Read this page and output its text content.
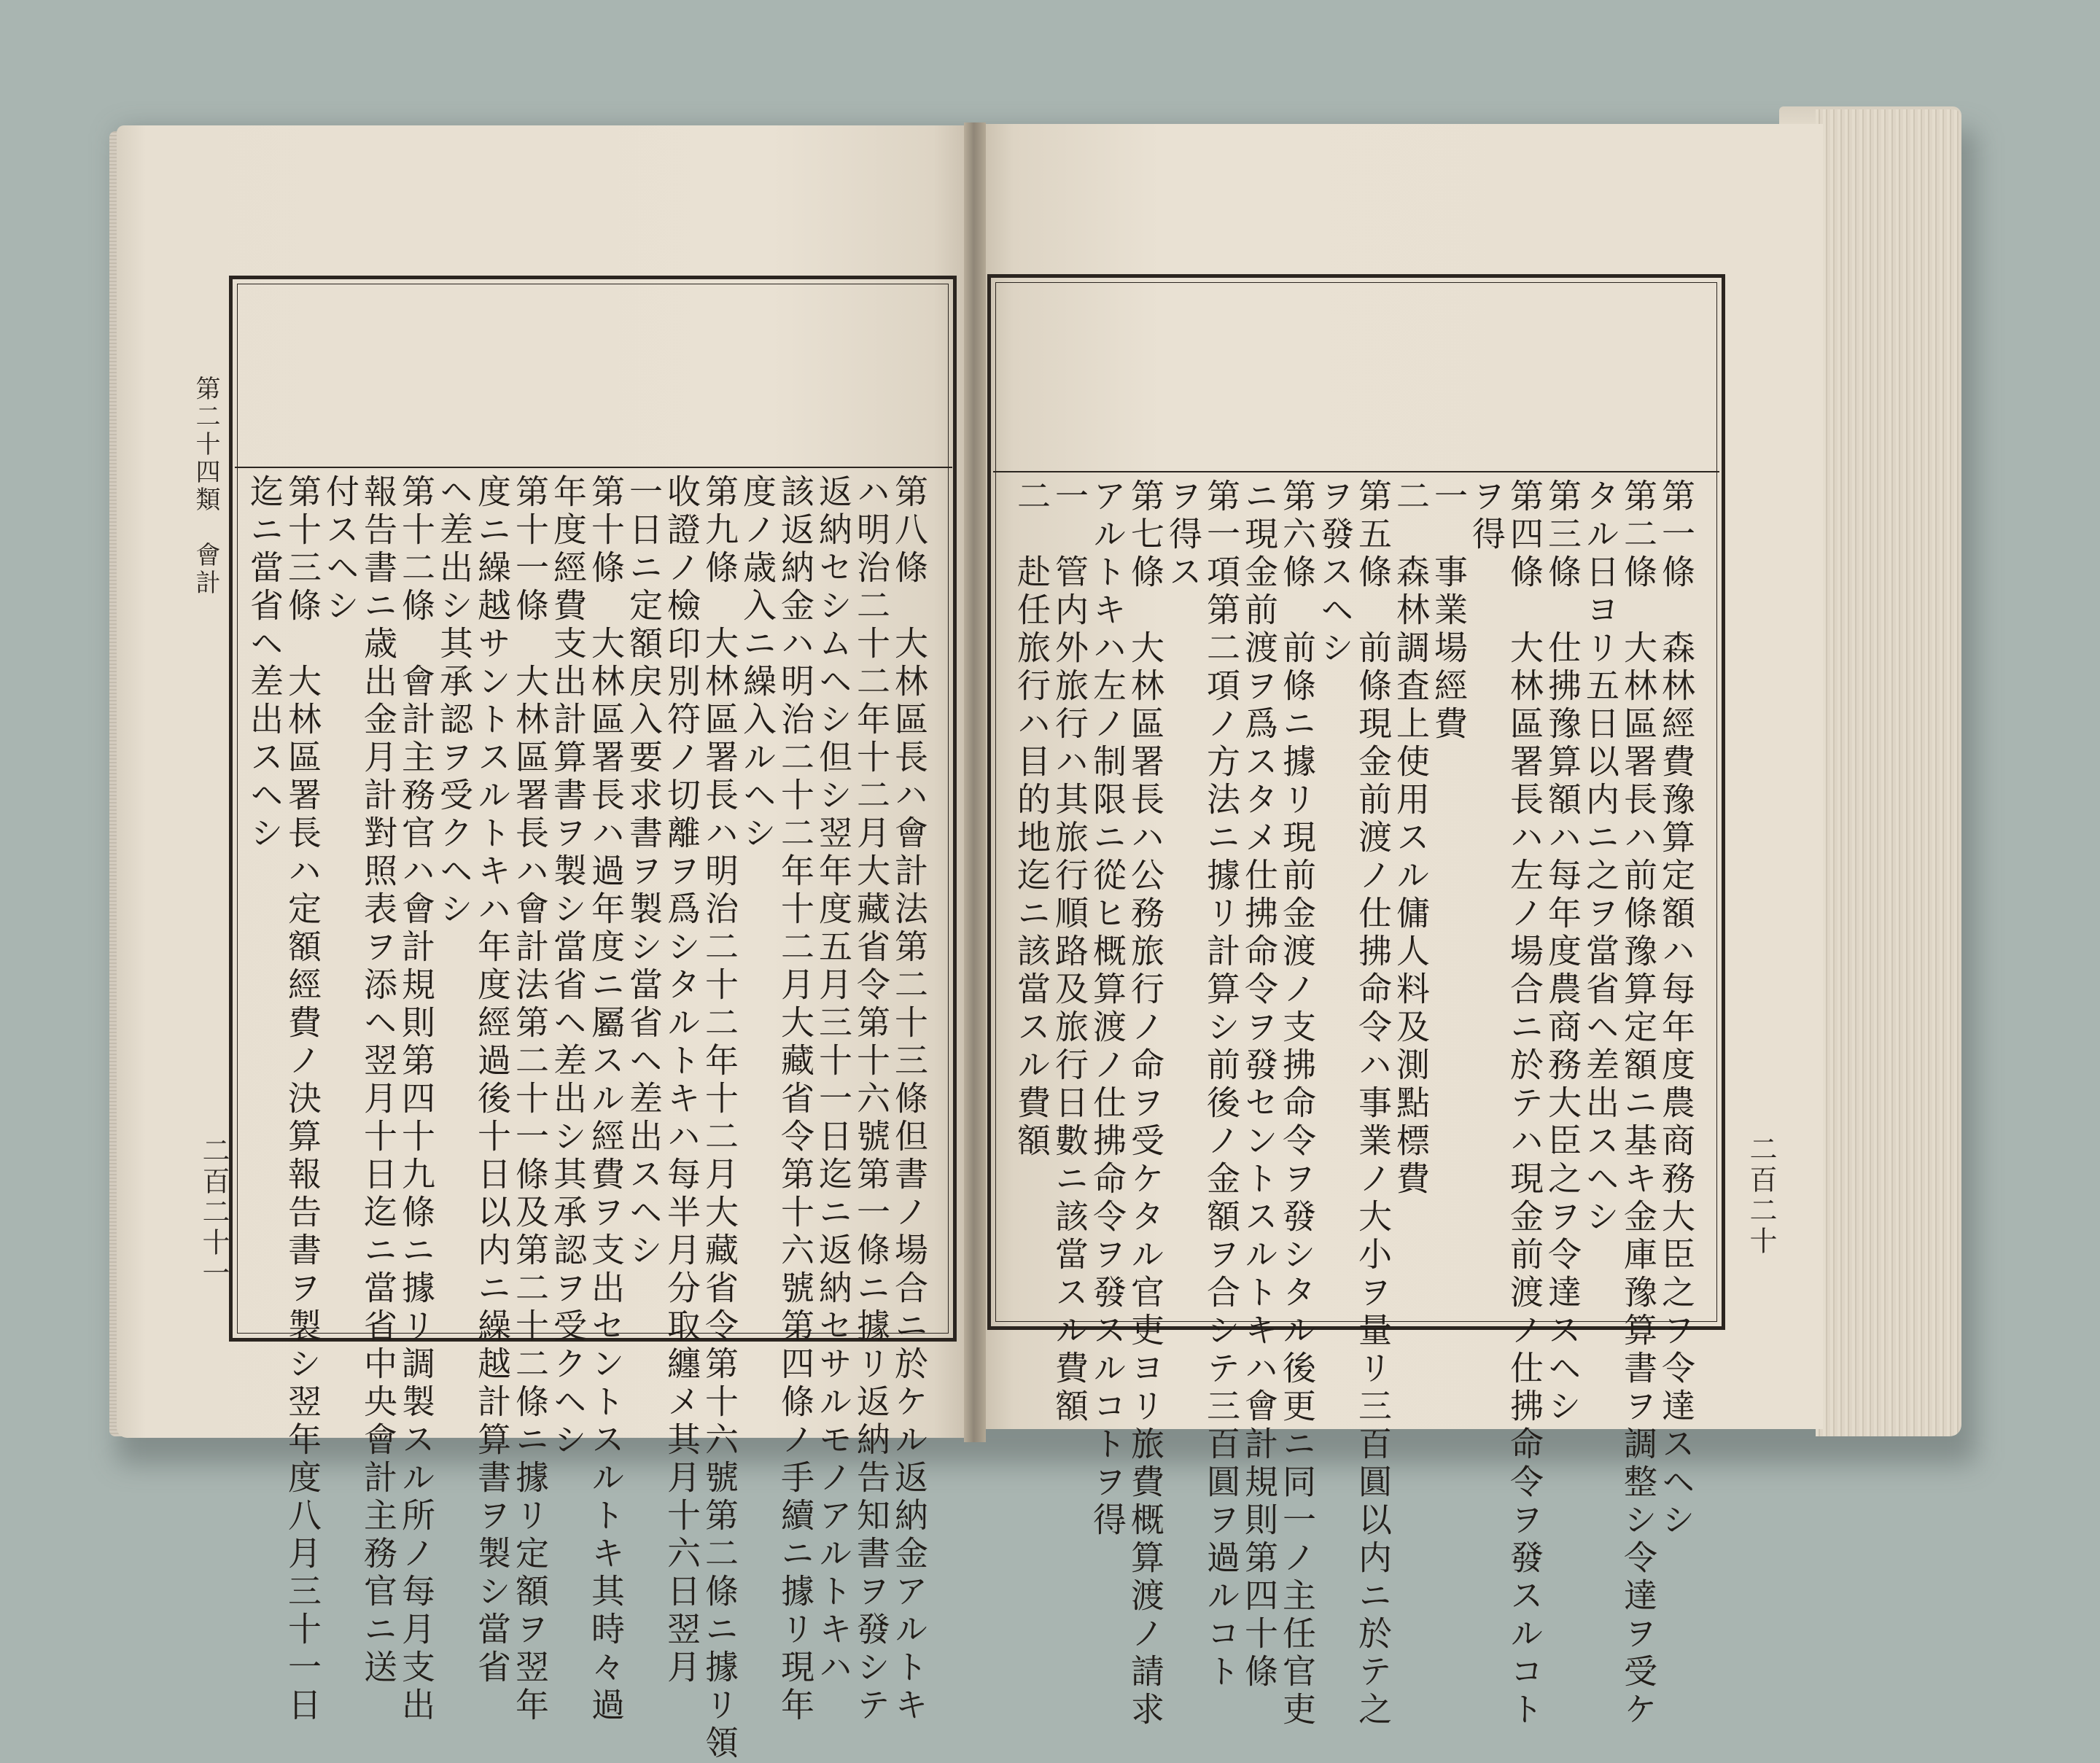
第二十四類　會計
二百二十一	第八條　大林區長ハ會計法第二十三條但書ノ場合ニ於ケル返納金アルトキ
ハ明治二十二年十二月大藏省令第十六號第一條ニ據リ返納告知書ヲ發シテ
返納セシムヘシ但シ翌年度五月三十一日迄ニ返納セサルモノアルトキハ
該返納金ハ明治二十二年十二月大藏省令第十六號第四條ノ手續ニ據リ現年
度ノ歳入ニ繰入ルヘシ
第九條　大林區署長ハ明治二十二年十二月大藏省令第十六號第二條ニ據リ領
收證ノ檢印別符ノ切離ヲ爲シタルトキハ每半月分取纏メ其月十六日翌月
一日ニ定額戻入要求書ヲ製シ當省ヘ差出スヘシ
第十條　大林區署長ハ過年度ニ屬スル經費ヲ支出セントスルトキ其時々過
年度經費支出計算書ヲ製シ當省ヘ差出シ其承認ヲ受クヘシ
第十一條　大林區署長ハ會計法第二十一條及第二十二條ニ據リ定額ヲ翌年
度ニ繰越サントスルトキハ年度經過後十日以内ニ繰越計算書ヲ製シ當省
ヘ差出シ其承認ヲ受クヘシ
第十二條　會計主務官ハ會計規則第四十九條ニ據リ調製スル所ノ每月支出
報告書ニ歳出金月計對照表ヲ添ヘ翌月十日迄ニ當省中央會計主務官ニ送
付スヘシ
第十三條　大林區署長ハ定額經費ノ決算報告書ヲ製シ翌年度八月三十一日
迄ニ當省ヘ差出スヘシ
二百二十
第一條　森林經費豫算定額ハ每年度農商務大臣之ヲ令達スヘシ
第二條　大林區署長ハ前條豫算定額ニ基キ金庫豫算書ヲ調整シ令達ヲ受ケ
タル日ヨリ五日以内ニ之ヲ當省ヘ差出スヘシ
第三條　仕拂豫算額ハ每年度農商務大臣之ヲ令達スヘシ
第四條　大林區署長ハ左ノ場合ニ於テハ現金前渡ノ仕拂命令ヲ發スルコト
ヲ得
一　事業場經費
二　森林調査上使用スル傭人料及測點標費
第五條　前條現金前渡ノ仕拂命令ハ事業ノ大小ヲ量リ三百圓以内ニ於テ之
ヲ發スヘシ
第六條　前條ニ據リ現前金渡ノ支拂命令ヲ發シタル後更ニ同一ノ主任官吏
ニ現金前渡ヲ爲スタメ仕拂命令ヲ發セントスルトキハ會計規則第四十條
第一項第二項ノ方法ニ據リ計算シ前後ノ金額ヲ合シテ三百圓ヲ過ルコト
ヲ得ス
第七條　大林區署長ハ公務旅行ノ命ヲ受ケタル官吏ヨリ旅費概算渡ノ請求
アルトキハ左ノ制限ニ從ヒ概算渡ノ仕拂命令ヲ發スルコトヲ得
一　管内外旅行ハ其旅行順路及旅行日數ニ該當スル費額
二　赴任旅行ハ目的地迄ニ該當スル費額
